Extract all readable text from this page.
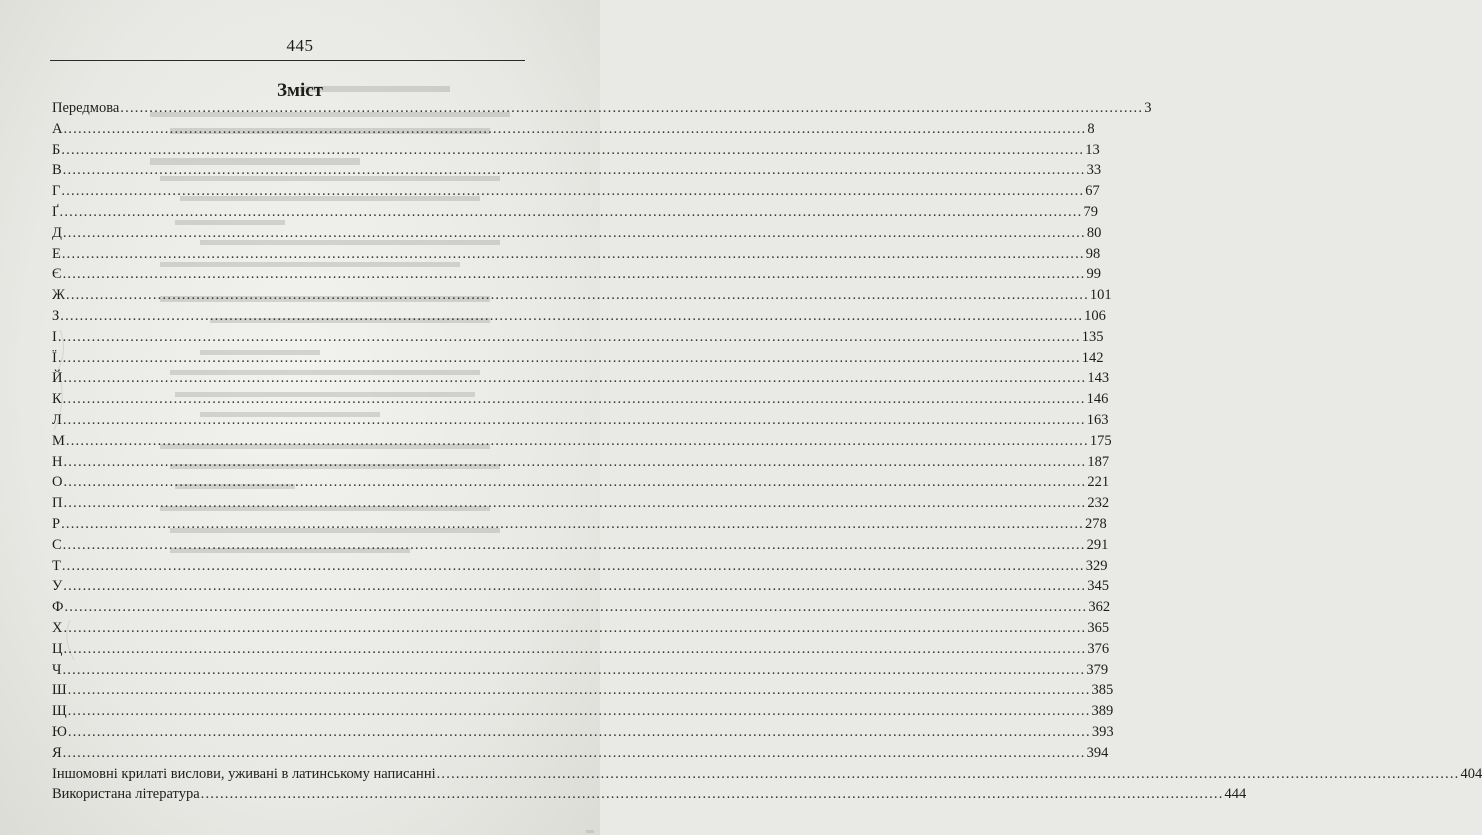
445
Зміст
Передмова .................................................................................................................................................................................................................... 3
А .................................................................................................................................................................................................................... 8
Б .................................................................................................................................................................................................................... 13
В .................................................................................................................................................................................................................... 33
Г .................................................................................................................................................................................................................... 67
Ґ .................................................................................................................................................................................................................... 79
Д .................................................................................................................................................................................................................... 80
Е .................................................................................................................................................................................................................... 98
Є .................................................................................................................................................................................................................... 99
Ж .................................................................................................................................................................................................................... 101
З .................................................................................................................................................................................................................... 106
І .................................................................................................................................................................................................................... 135
Ї .................................................................................................................................................................................................................... 142
Й .................................................................................................................................................................................................................... 143
К .................................................................................................................................................................................................................... 146
Л .................................................................................................................................................................................................................... 163
М .................................................................................................................................................................................................................... 175
Н .................................................................................................................................................................................................................... 187
О .................................................................................................................................................................................................................... 221
П .................................................................................................................................................................................................................... 232
Р .................................................................................................................................................................................................................... 278
С .................................................................................................................................................................................................................... 291
Т .................................................................................................................................................................................................................... 329
У .................................................................................................................................................................................................................... 345
Ф .................................................................................................................................................................................................................... 362
Х .................................................................................................................................................................................................................... 365
Ц .................................................................................................................................................................................................................... 376
Ч .................................................................................................................................................................................................................... 379
Ш .................................................................................................................................................................................................................... 385
Щ .................................................................................................................................................................................................................... 389
Ю .................................................................................................................................................................................................................... 393
Я .................................................................................................................................................................................................................... 394
Іншомовні крилаті вислови, уживані в латинському написанні .................................................................................................................................................................................................................... 404
Використана література .................................................................................................................................................................................................................... 444
